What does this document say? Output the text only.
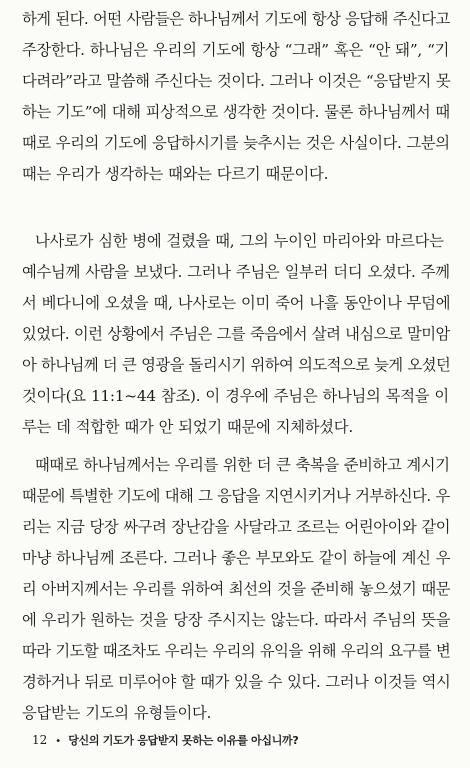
하게 된다. 어떤 사람들은 하나님께서 기도에 항상 응답해 주신다고
주장한다. 하나님은 우리의 기도에 항상 “그래” 혹은 “안 돼”, “기
다려라”라고 말씀해 주신다는 것이다. 그러나 이것은 “응답받지 못
하는 기도”에 대해 피상적으로 생각한 것이다. 물론 하나님께서 때
때로 우리의 기도에 응답하시기를 늦추시는 것은 사실이다. 그분의
때는 우리가 생각하는 때와는 다르기 때문이다.
나사로가 심한 병에 걸렸을 때, 그의 누이인 마리아와 마르다는
예수님께 사람을 보냈다. 그러나 주님은 일부러 더디 오셨다. 주께
서 베다니에 오셨을 때, 나사로는 이미 죽어 나흘 동안이나 무덤에
있었다. 이런 상황에서 주님은 그를 죽음에서 살려 내심으로 말미암
아 하나님께 더 큰 영광을 돌리시기 위하여 의도적으로 늦게 오셨던
것이다(요 11:1~44 참조). 이 경우에 주님은 하나님의 목적을 이
루는 데 적합한 때가 안 되었기 때문에 지체하셨다.
때때로 하나님께서는 우리를 위한 더 큰 축복을 준비하고 계시기
때문에 특별한 기도에 대해 그 응답을 지연시키거나 거부하신다. 우
리는 지금 당장 싸구려 장난감을 사달라고 조르는 어린아이와 같이
마냥 하나님께 조른다. 그러나 좋은 부모와도 같이 하늘에 계신 우
리 아버지께서는 우리를 위하여 최선의 것을 준비해 놓으셨기 때문
에 우리가 원하는 것을 당장 주시지는 않는다. 따라서 주님의 뜻을
따라 기도할 때조차도 우리는 우리의 유익을 위해 우리의 요구를 변
경하거나 뒤로 미루어야 할 때가 있을 수 있다. 그러나 이것들 역시
응답받는 기도의 유형들이다.
12 • 당신의 기도가 응답받지 못하는 이유를 아십니까?
